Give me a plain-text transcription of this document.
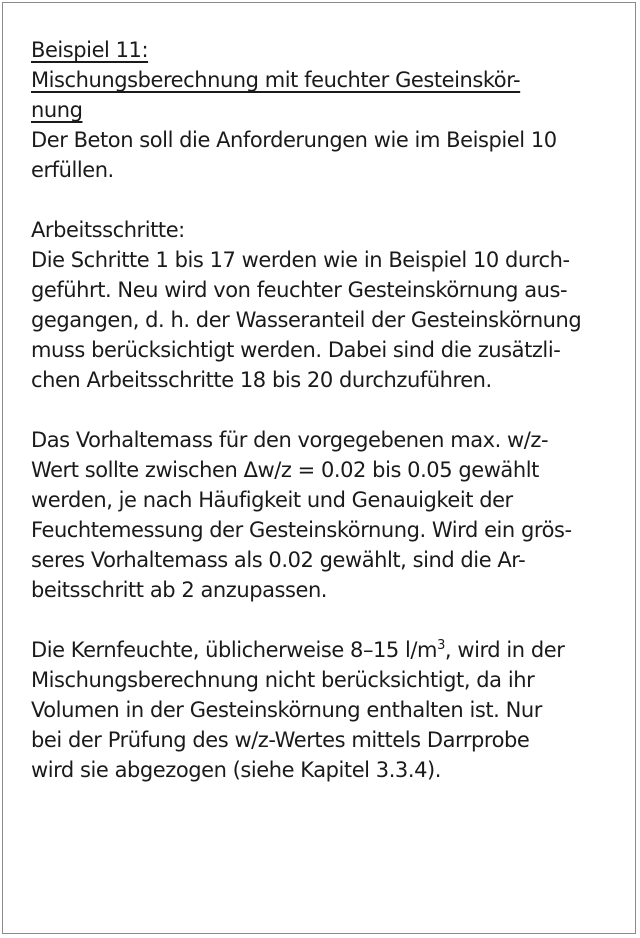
Beispiel 11:
Mischungsberechnung mit feuchter Gesteinskör-
nung
Der Beton soll die Anforderungen wie im Beispiel 10
erfüllen.
Arbeitsschritte:
Die Schritte 1 bis 17 werden wie in Beispiel 10 durch-
geführt. Neu wird von feuchter Gesteinskörnung aus-
gegangen, d. h. der Wasseranteil der Gesteinskörnung
muss berücksichtigt werden. Dabei sind die zusätzli-
chen Arbeitsschritte 18 bis 20 durchzuführen.
Das Vorhaltemass für den vorgegebenen max. w/z-
Wert sollte zwischen Δw/z = 0.02 bis 0.05 gewählt
werden, je nach Häufigkeit und Genauigkeit der
Feuchtemessung der Gesteinskörnung. Wird ein grös-
seres Vorhaltemass als 0.02 gewählt, sind die Ar-
beitsschritt ab 2 anzupassen.
Die Kernfeuchte, üblicherweise 8–15 $l/m^3$, wird in der
Mischungsberechnung nicht berücksichtigt, da ihr
Volumen in der Gesteinskörnung enthalten ist. Nur
bei der Prüfung des w/z-Wertes mittels Darrprobe
wird sie abgezogen (siehe Kapitel 3.3.4).
